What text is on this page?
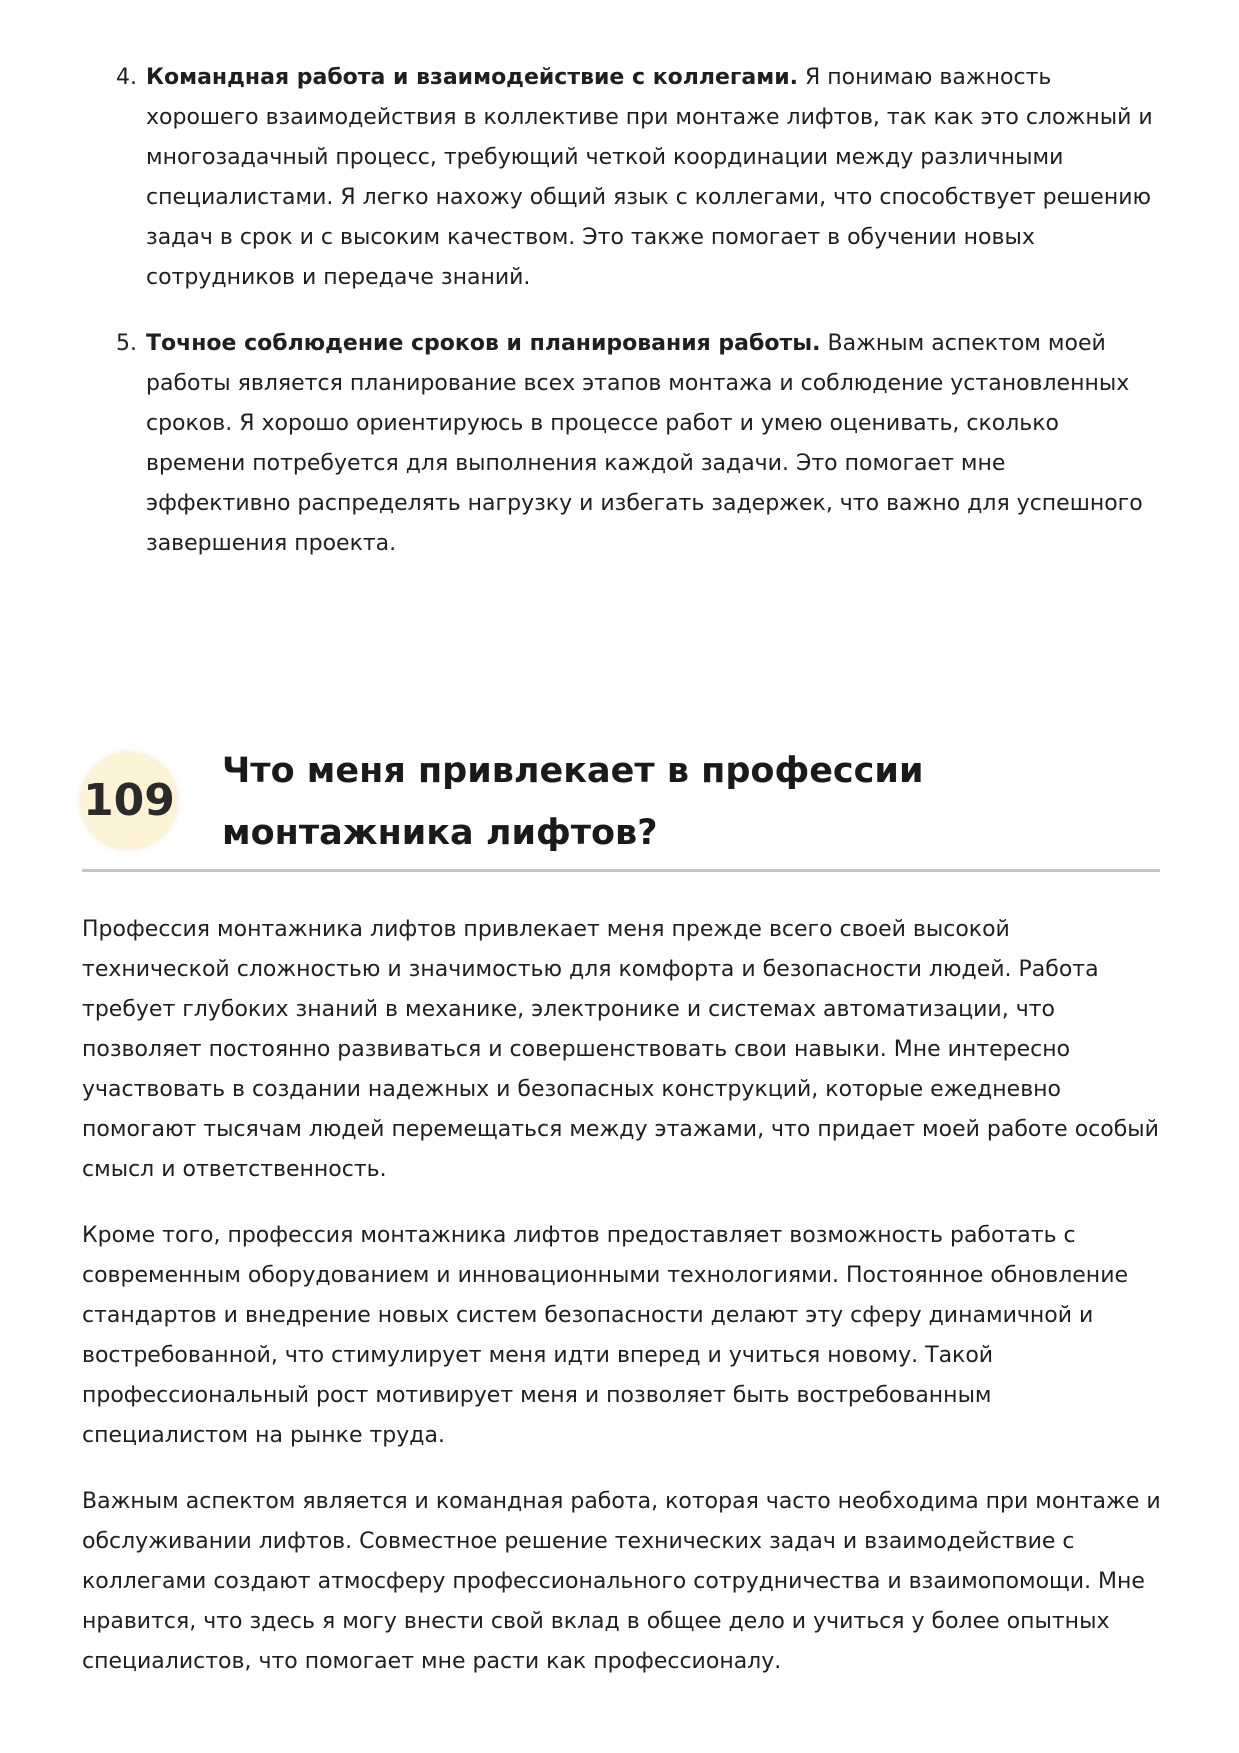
4. Командная работа и взаимодействие с коллегами. Я понимаю важность хорошего взаимодействия в коллективе при монтаже лифтов, так как это сложный и многозадачный процесс, требующий четкой координации между различными специалистами. Я легко нахожу общий язык с коллегами, что способствует решению задач в срок и с высоким качеством. Это также помогает в обучении новых сотрудников и передаче знаний.
5. Точное соблюдение сроков и планирования работы. Важным аспектом моей работы является планирование всех этапов монтажа и соблюдение установленных сроков. Я хорошо ориентируюсь в процессе работ и умею оценивать, сколько времени потребуется для выполнения каждой задачи. Это помогает мне эффективно распределять нагрузку и избегать задержек, что важно для успешного завершения проекта.
109
Что меня привлекает в профессии монтажника лифтов?

Профессия монтажника лифтов привлекает меня прежде всего своей высокой технической сложностью и значимостью для комфорта и безопасности людей. Работа требует глубоких знаний в механике, электронике и системах автоматизации, что позволяет постоянно развиваться и совершенствовать свои навыки. Мне интересно участвовать в создании надежных и безопасных конструкций, которые ежедневно помогают тысячам людей перемещаться между этажами, что придает моей работе особый смысл и ответственность.

Кроме того, профессия монтажника лифтов предоставляет возможность работать с современным оборудованием и инновационными технологиями. Постоянное обновление стандартов и внедрение новых систем безопасности делают эту сферу динамичной и востребованной, что стимулирует меня идти вперед и учиться новому. Такой профессиональный рост мотивирует меня и позволяет быть востребованным специалистом на рынке труда.

Важным аспектом является и командная работа, которая часто необходима при монтаже и обслуживании лифтов. Совместное решение технических задач и взаимодействие с коллегами создают атмосферу профессионального сотрудничества и взаимопомощи. Мне нравится, что здесь я могу внести свой вклад в общее дело и учиться у более опытных специалистов, что помогает мне расти как профессионалу.
